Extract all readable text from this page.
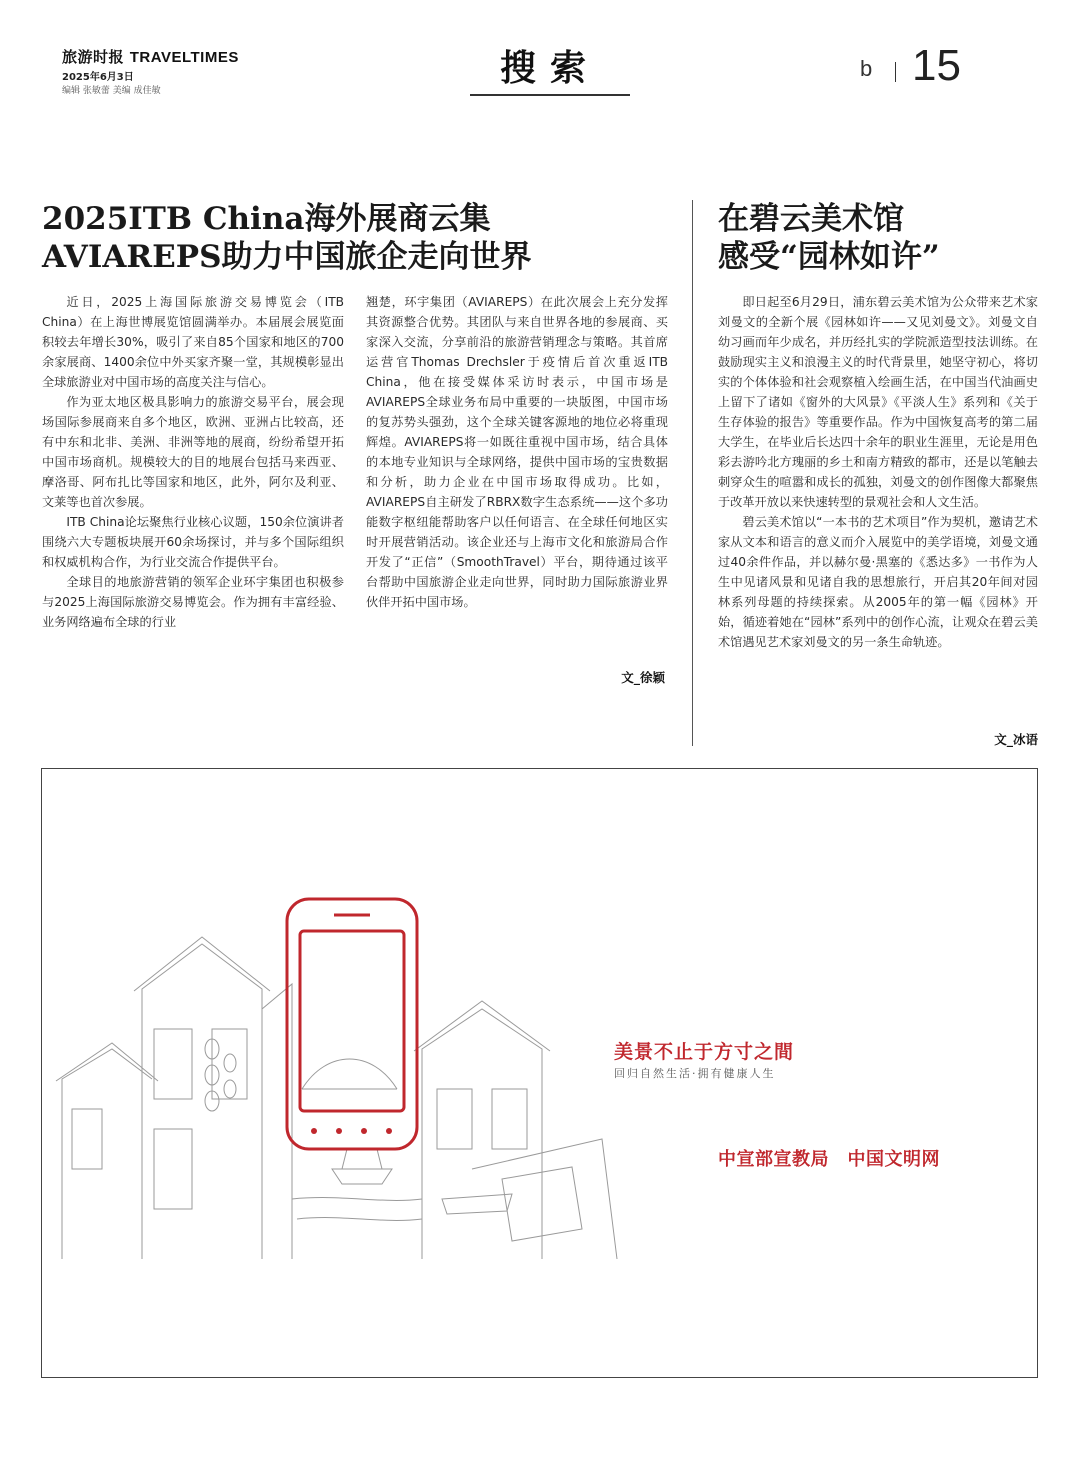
旅游时报 TRAVELTIMES
2025年6月3日
编辑 张敏蕾 美编 成佳敏
搜索	b 15
2025ITB China海外展商云集
AVIAREPS助力中国旅企走向世界

近日，2025上海国际旅游交易博览会（ITB China）在上海世博展览馆圆满举办。本届展会展览面积较去年增长30%，吸引了来自85个国家和地区的700余家展商、1400余位中外买家齐聚一堂，其规模彰显出全球旅游业对中国市场的高度关注与信心。

作为亚太地区极具影响力的旅游交易平台，展会现场国际参展商来自多个地区，欧洲、亚洲占比较高，还有中东和北非、美洲、非洲等地的展商，纷纷希望开拓中国市场商机。规模较大的目的地展台包括马来西亚、摩洛哥、阿布扎比等国家和地区，此外，阿尔及利亚、文莱等也首次参展。

ITB China论坛聚焦行业核心议题，150余位演讲者围绕六大专题板块展开60余场探讨，并与多个国际组织和权威机构合作，为行业交流合作提供平台。

全球目的地旅游营销的领军企业环宇集团也积极参与2025上海国际旅游交易博览会。作为拥有丰富经验、业务网络遍布全球的行业

翘楚，环宇集团（AVIAREPS）在此次展会上充分发挥其资源整合优势。其团队与来自世界各地的参展商、买家深入交流，分享前沿的旅游营销理念与策略。其首席运营官Thomas Drechsler于疫情后首次重返ITB China，他在接受媒体采访时表示，中国市场是AVIAREPS全球业务布局中重要的一块版图，中国市场的复苏势头强劲，这个全球关键客源地的地位必将重现辉煌。AVIAREPS将一如既往重视中国市场，结合具体的本地专业知识与全球网络，提供中国市场的宝贵数据和分析，助力企业在中国市场取得成功。比如，AVIAREPS自主研发了RBRX数字生态系统——这个多功能数字枢纽能帮助客户以任何语言、在全球任何地区实时开展营销活动。该企业还与上海市文化和旅游局合作开发了“正信”（SmoothTravel）平台，期待通过该平台帮助中国旅游企业走向世界，同时助力国际旅游业界伙伴开拓中国市场。

文_徐颖
在碧云美术馆
感受“园林如许”

即日起至6月29日，浦东碧云美术馆为公众带来艺术家刘曼文的全新个展《园林如许——又见刘曼文》。刘曼文自幼习画而年少成名，并历经扎实的学院派造型技法训练。在鼓励现实主义和浪漫主义的时代背景里，她坚守初心，将切实的个体体验和社会观察植入绘画生活，在中国当代油画史上留下了诸如《窗外的大风景》《平淡人生》系列和《关于生存体验的报告》等重要作品。作为中国恢复高考的第二届大学生，在毕业后长达四十余年的职业生涯里，无论是用色彩去游吟北方瑰丽的乡土和南方精致的都市，还是以笔触去刺穿众生的喧嚣和成长的孤独，刘曼文的创作图像大都聚焦于改革开放以来快速转型的景观社会和人文生活。

碧云美术馆以“一本书的艺术项目”作为契机，邀请艺术家从文本和语言的意义而介入展览中的美学语境，刘曼文通过40余件作品，并以赫尔曼·黑塞的《悉达多》一书作为人生中见诸风景和见诸自我的思想旅行，开启其20年间对园林系列母题的持续探索。从2005年的第一幅《园林》开始，循迹着她在“园林”系列中的创作心流，让观众在碧云美术馆遇见艺术家刘曼文的另一条生命轨迹。

文_冰语
美景不止于方寸之間
回归自然生活·拥有健康人生
中宣部宣教局　中国文明网
